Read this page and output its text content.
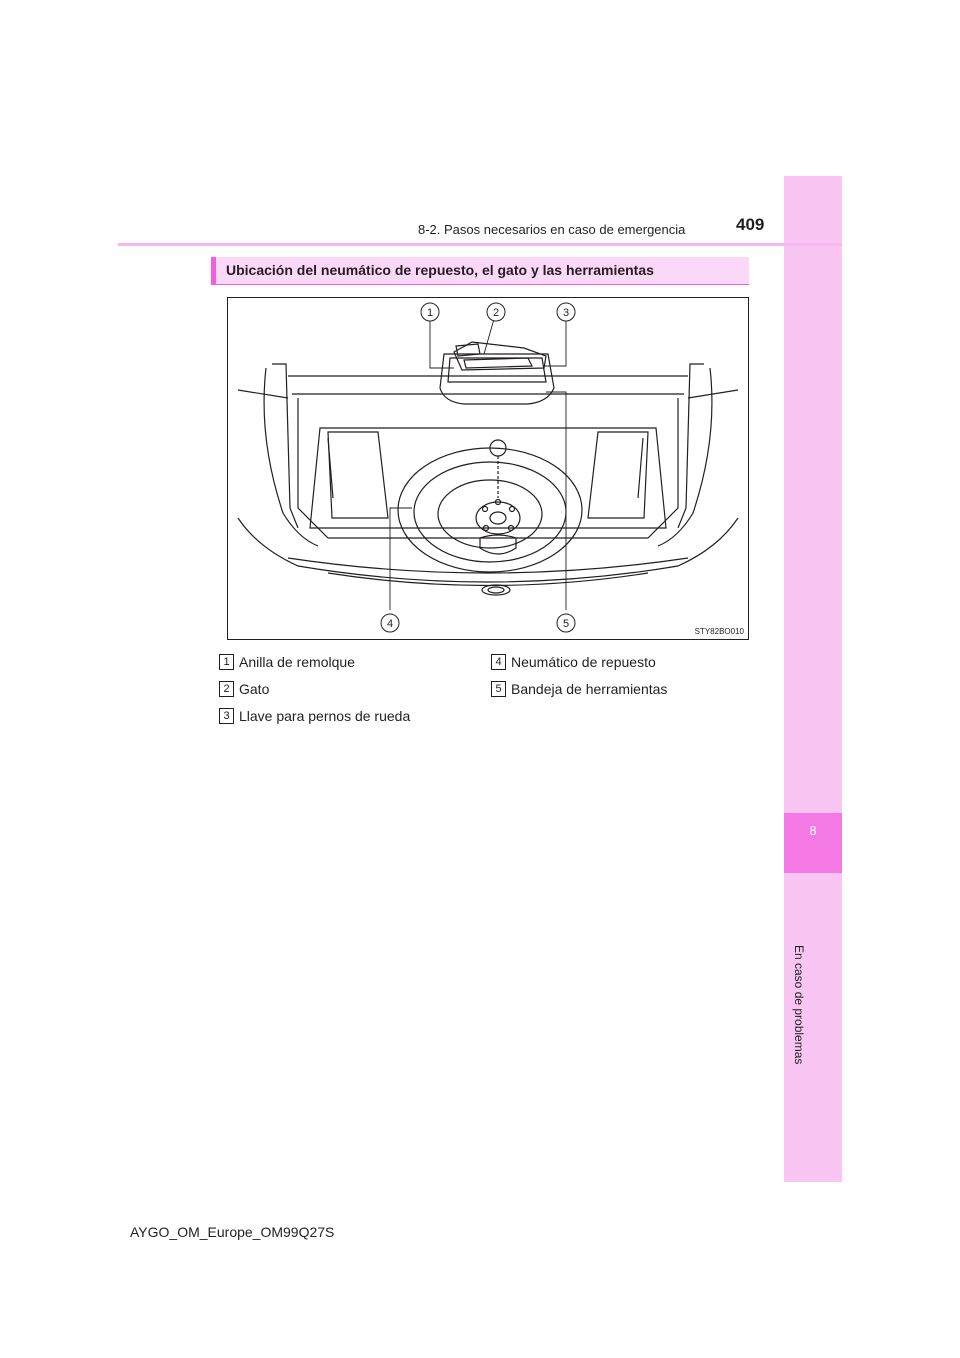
8
En caso de problemas
8-2. Pasos necesarios en caso de emergencia	409
Ubicación del neumático de repuesto, el gato y las herramientas
1	2	3
4	5
STY82BO010
1 Anilla de remolque
2 Gato
3 Llave para pernos de rueda
4 Neumático de repuesto
5 Bandeja de herramientas
AYGO_OM_Europe_OM99Q27S
